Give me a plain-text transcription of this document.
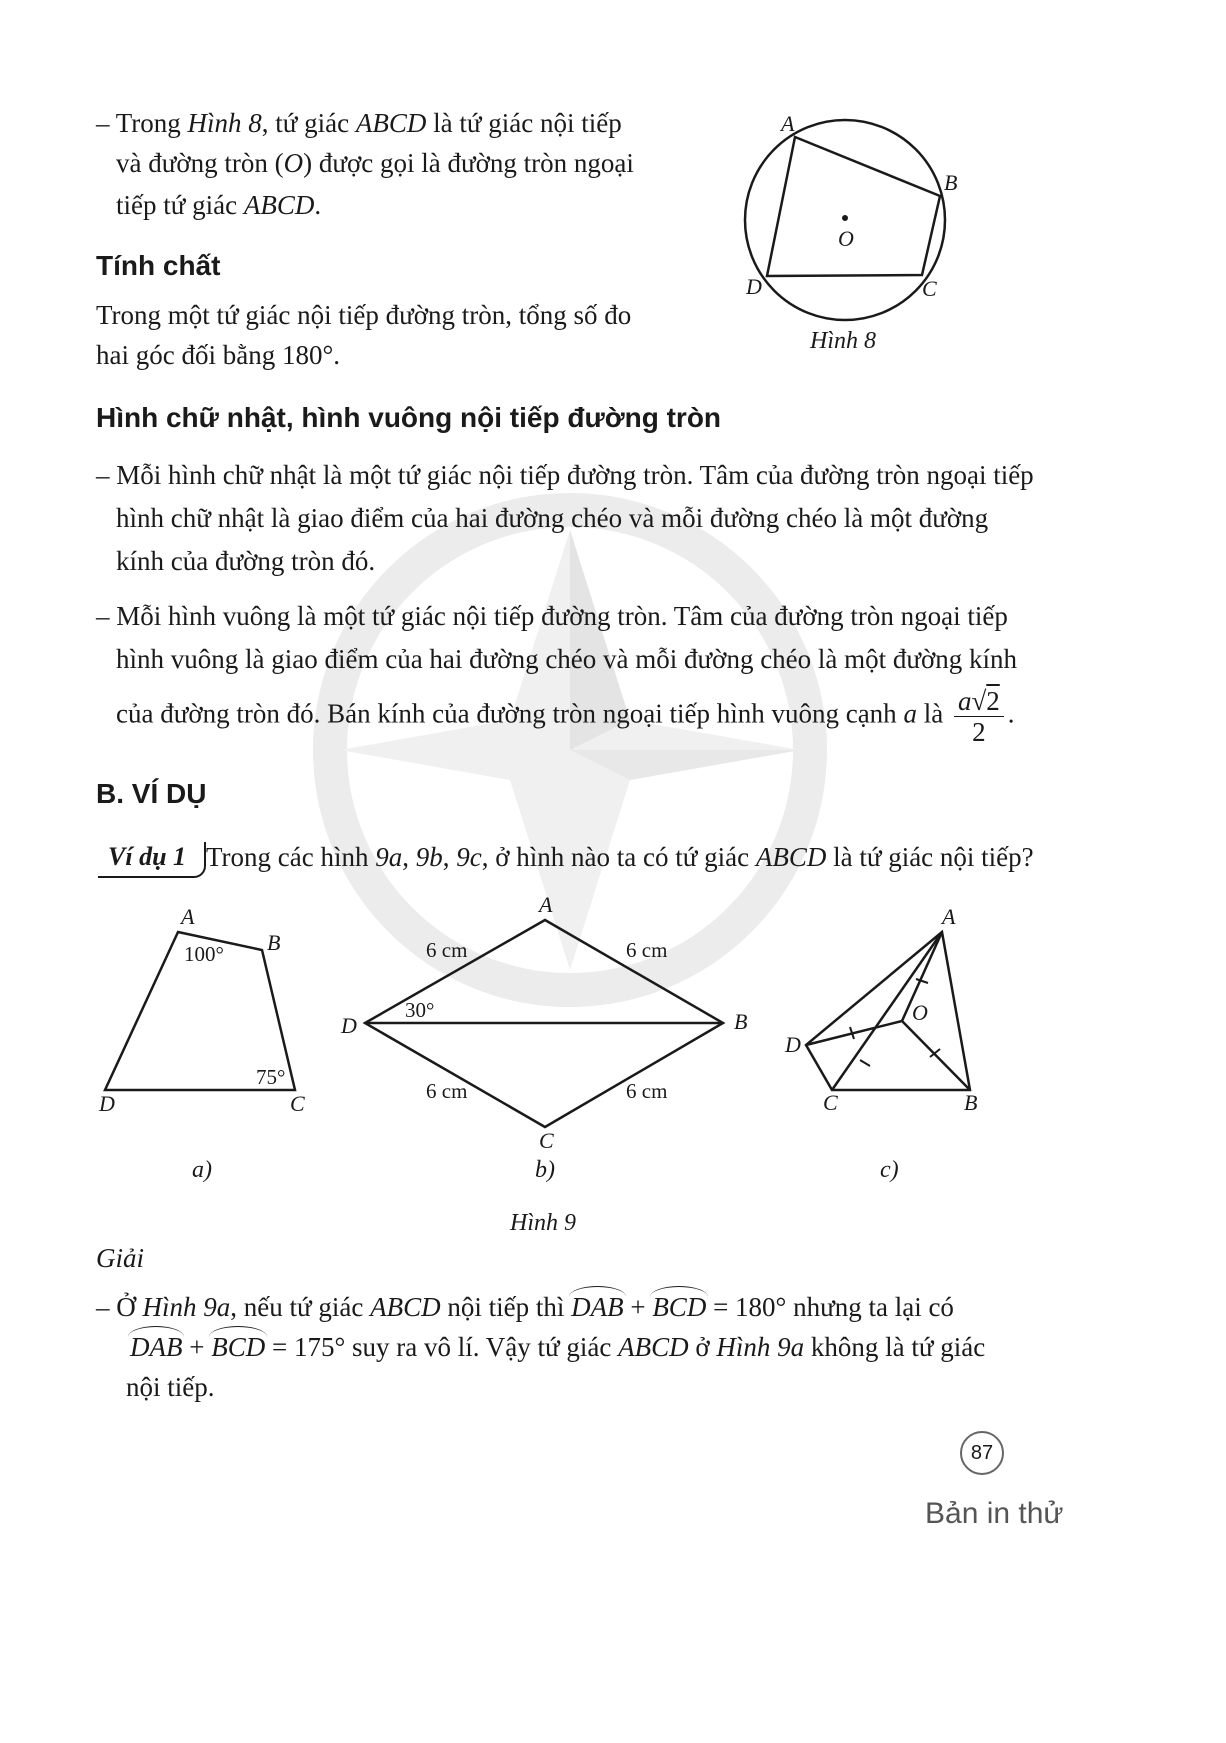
– Trong Hình 8, tứ giác ABCD là tứ giác nội tiếp
và đường tròn (O) được gọi là đường tròn ngoại
tiếp tứ giác ABCD.
Tính chất
Trong một tứ giác nội tiếp đường tròn, tổng số đo
hai góc đối bằng 180°.
A
B
C
D
O
Hình 8
Hình chữ nhật, hình vuông nội tiếp đường tròn
– Mỗi hình chữ nhật là một tứ giác nội tiếp đường tròn. Tâm của đường tròn ngoại tiếp
hình chữ nhật là giao điểm của hai đường chéo và mỗi đường chéo là một đường
kính của đường tròn đó.
– Mỗi hình vuông là một tứ giác nội tiếp đường tròn. Tâm của đường tròn ngoại tiếp
hình vuông là giao điểm của hai đường chéo và mỗi đường chéo là một đường kính
của đường tròn đó. Bán kính của đường tròn ngoại tiếp hình vuông cạnh a là $\frac{a√2}{2}$ .
B. VÍ DỤ
Ví dụ 1 Trong các hình 9a, 9b, 9c, ở hình nào ta có tứ giác ABCD là tứ giác nội tiếp?
A
B
C
D
100°
75°
a)
A
B
C
D
30°
6 cm	6 cm
6 cm	6 cm
b)
A
B
C
D
O
c)
Hình 9
Giải
– Ở Hình 9a, nếu tứ giác ABCD nội tiếp thì DAB + BCD = 180° nhưng ta lại có
DAB + BCD = 175° suy ra vô lí. Vậy tứ giác ABCD ở Hình 9a không là tứ giác
nội tiếp.
87
Bản in thử
